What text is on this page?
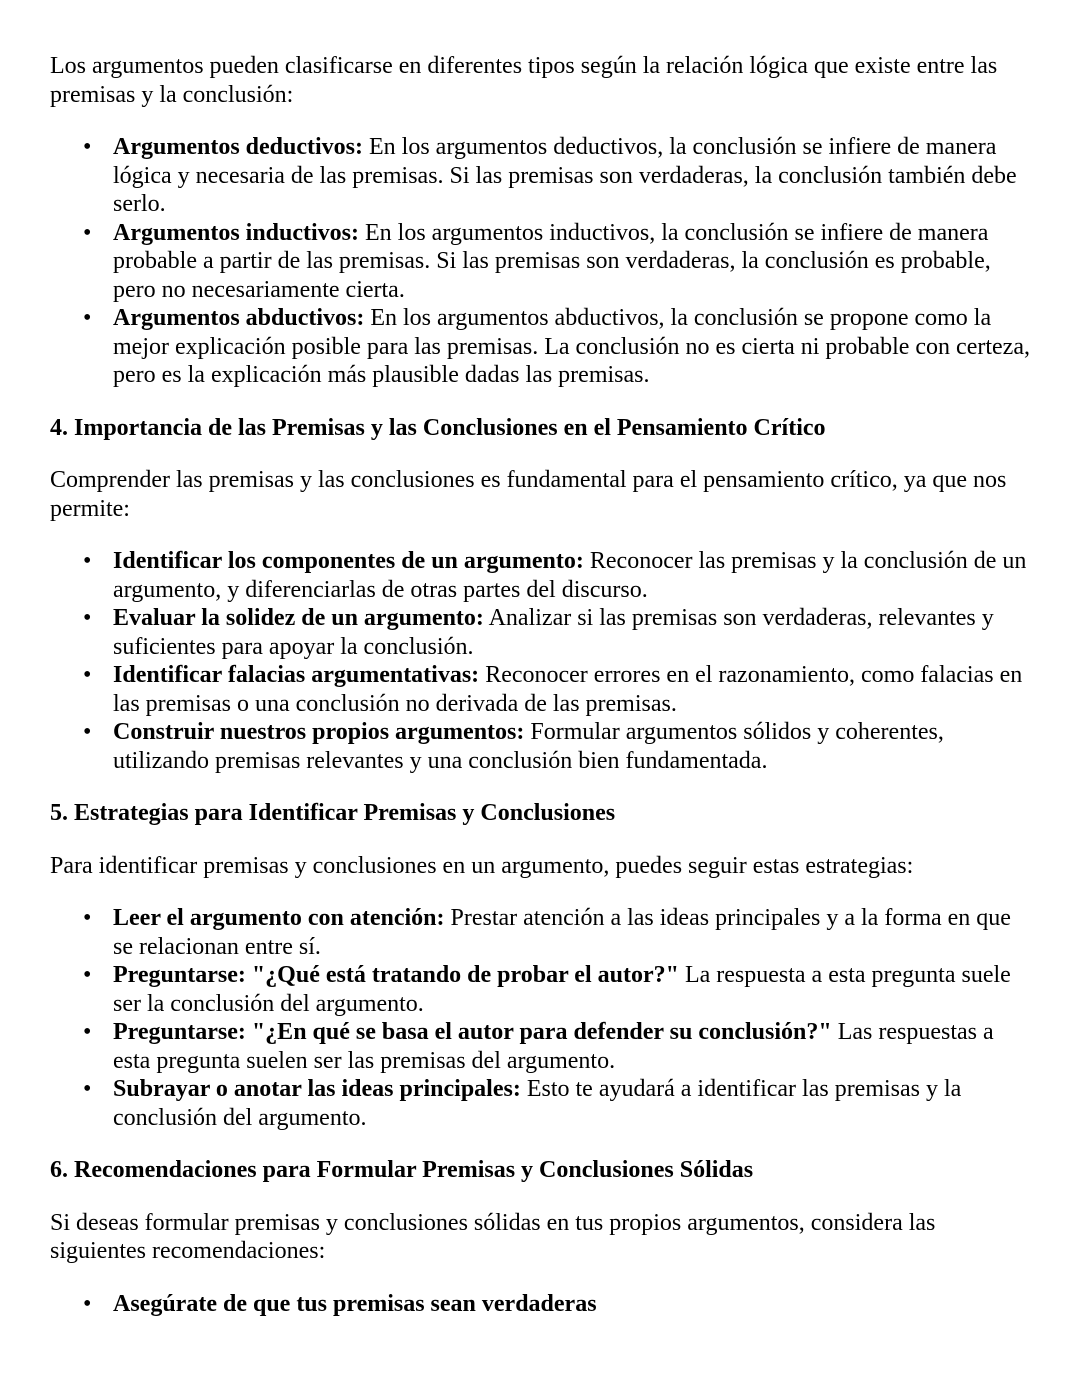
Los argumentos pueden clasificarse en diferentes tipos según la relación lógica que existe entre las premisas y la conclusión:

• Argumentos deductivos: En los argumentos deductivos, la conclusión se infiere de manera lógica y necesaria de las premisas. Si las premisas son verdaderas, la conclusión también debe serlo.
• Argumentos inductivos: En los argumentos inductivos, la conclusión se infiere de manera probable a partir de las premisas. Si las premisas son verdaderas, la conclusión es probable, pero no necesariamente cierta.
• Argumentos abductivos: En los argumentos abductivos, la conclusión se propone como la mejor explicación posible para las premisas. La conclusión no es cierta ni probable con certeza, pero es la explicación más plausible dadas las premisas.
4. Importancia de las Premisas y las Conclusiones en el Pensamiento Crítico

Comprender las premisas y las conclusiones es fundamental para el pensamiento crítico, ya que nos permite:

• Identificar los componentes de un argumento: Reconocer las premisas y la conclusión de un argumento, y diferenciarlas de otras partes del discurso.
• Evaluar la solidez de un argumento: Analizar si las premisas son verdaderas, relevantes y suficientes para apoyar la conclusión.
• Identificar falacias argumentativas: Reconocer errores en el razonamiento, como falacias en las premisas o una conclusión no derivada de las premisas.
• Construir nuestros propios argumentos: Formular argumentos sólidos y coherentes, utilizando premisas relevantes y una conclusión bien fundamentada.
5. Estrategias para Identificar Premisas y Conclusiones

Para identificar premisas y conclusiones en un argumento, puedes seguir estas estrategias:

• Leer el argumento con atención: Prestar atención a las ideas principales y a la forma en que se relacionan entre sí.
• Preguntarse: "¿Qué está tratando de probar el autor?" La respuesta a esta pregunta suele ser la conclusión del argumento.
• Preguntarse: "¿En qué se basa el autor para defender su conclusión?" Las respuestas a esta pregunta suelen ser las premisas del argumento.
• Subrayar o anotar las ideas principales: Esto te ayudará a identificar las premisas y la conclusión del argumento.
6. Recomendaciones para Formular Premisas y Conclusiones Sólidas

Si deseas formular premisas y conclusiones sólidas en tus propios argumentos, considera las siguientes recomendaciones:

• Asegúrate de que tus premisas sean verdaderas
